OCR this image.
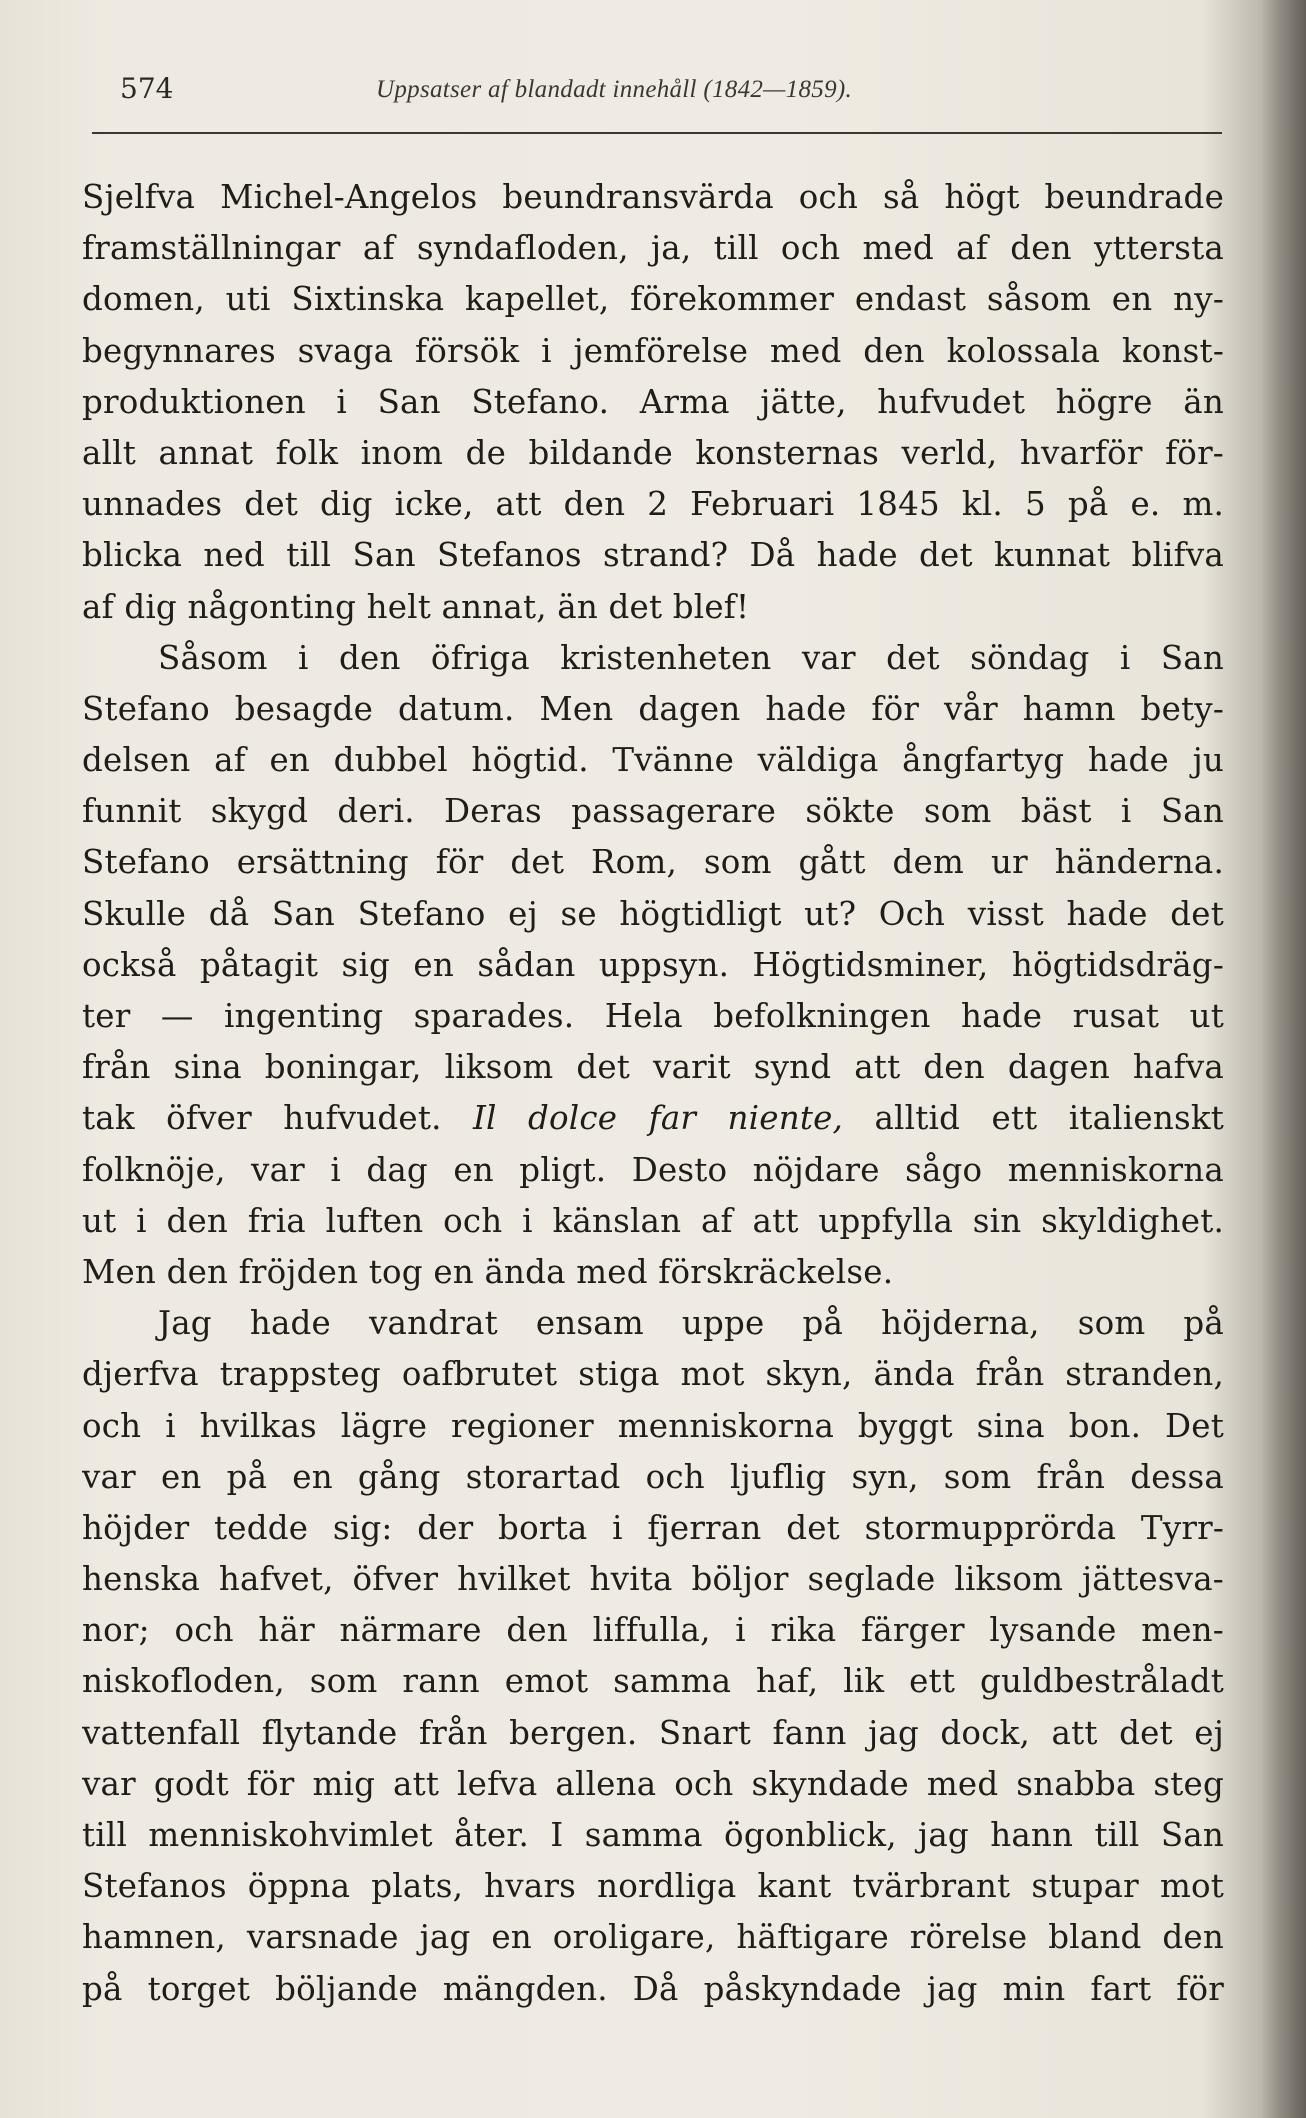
574	Uppsatser af blandadt innehåll (1842—1859).
Sjelfva Michel-Angelos beundransvärda och så högt beundrade
framställningar af syndafloden, ja, till och med af den yttersta
domen, uti Sixtinska kapellet, förekommer endast såsom en ny-
begynnares svaga försök i jemförelse med den kolossala konst-
produktionen i San Stefano. Arma jätte, hufvudet högre än
allt annat folk inom de bildande konsternas verld, hvarför för-
unnades det dig icke, att den 2 Februari 1845 kl. 5 på e. m.
blicka ned till San Stefanos strand? Då hade det kunnat blifva
af dig någonting helt annat, än det blef!
Såsom i den öfriga kristenheten var det söndag i San
Stefano besagde datum. Men dagen hade för vår hamn bety-
delsen af en dubbel högtid. Tvänne väldiga ångfartyg hade ju
funnit skygd deri. Deras passagerare sökte som bäst i San
Stefano ersättning för det Rom, som gått dem ur händerna.
Skulle då San Stefano ej se högtidligt ut? Och visst hade det
också påtagit sig en sådan uppsyn. Högtidsminer, högtidsdräg-
ter — ingenting sparades. Hela befolkningen hade rusat ut
från sina boningar, liksom det varit synd att den dagen hafva
tak öfver hufvudet. Il dolce far niente, alltid ett italienskt
folknöje, var i dag en pligt. Desto nöjdare sågo menniskorna
ut i den fria luften och i känslan af att uppfylla sin skyldighet.
Men den fröjden tog en ända med förskräckelse.
Jag hade vandrat ensam uppe på höjderna, som på
djerfva trappsteg oafbrutet stiga mot skyn, ända från stranden,
och i hvilkas lägre regioner menniskorna byggt sina bon. Det
var en på en gång storartad och ljuflig syn, som från dessa
höjder tedde sig: der borta i fjerran det stormupprörda Tyrr-
henska hafvet, öfver hvilket hvita böljor seglade liksom jättesva-
nor; och här närmare den liffulla, i rika färger lysande men-
niskofloden, som rann emot samma haf, lik ett guldbestråladt
vattenfall flytande från bergen. Snart fann jag dock, att det ej
var godt för mig att lefva allena och skyndade med snabba steg
till menniskohvimlet åter. I samma ögonblick, jag hann till San
Stefanos öppna plats, hvars nordliga kant tvärbrant stupar mot
hamnen, varsnade jag en oroligare, häftigare rörelse bland den
på torget böljande mängden. Då påskyndade jag min fart för
